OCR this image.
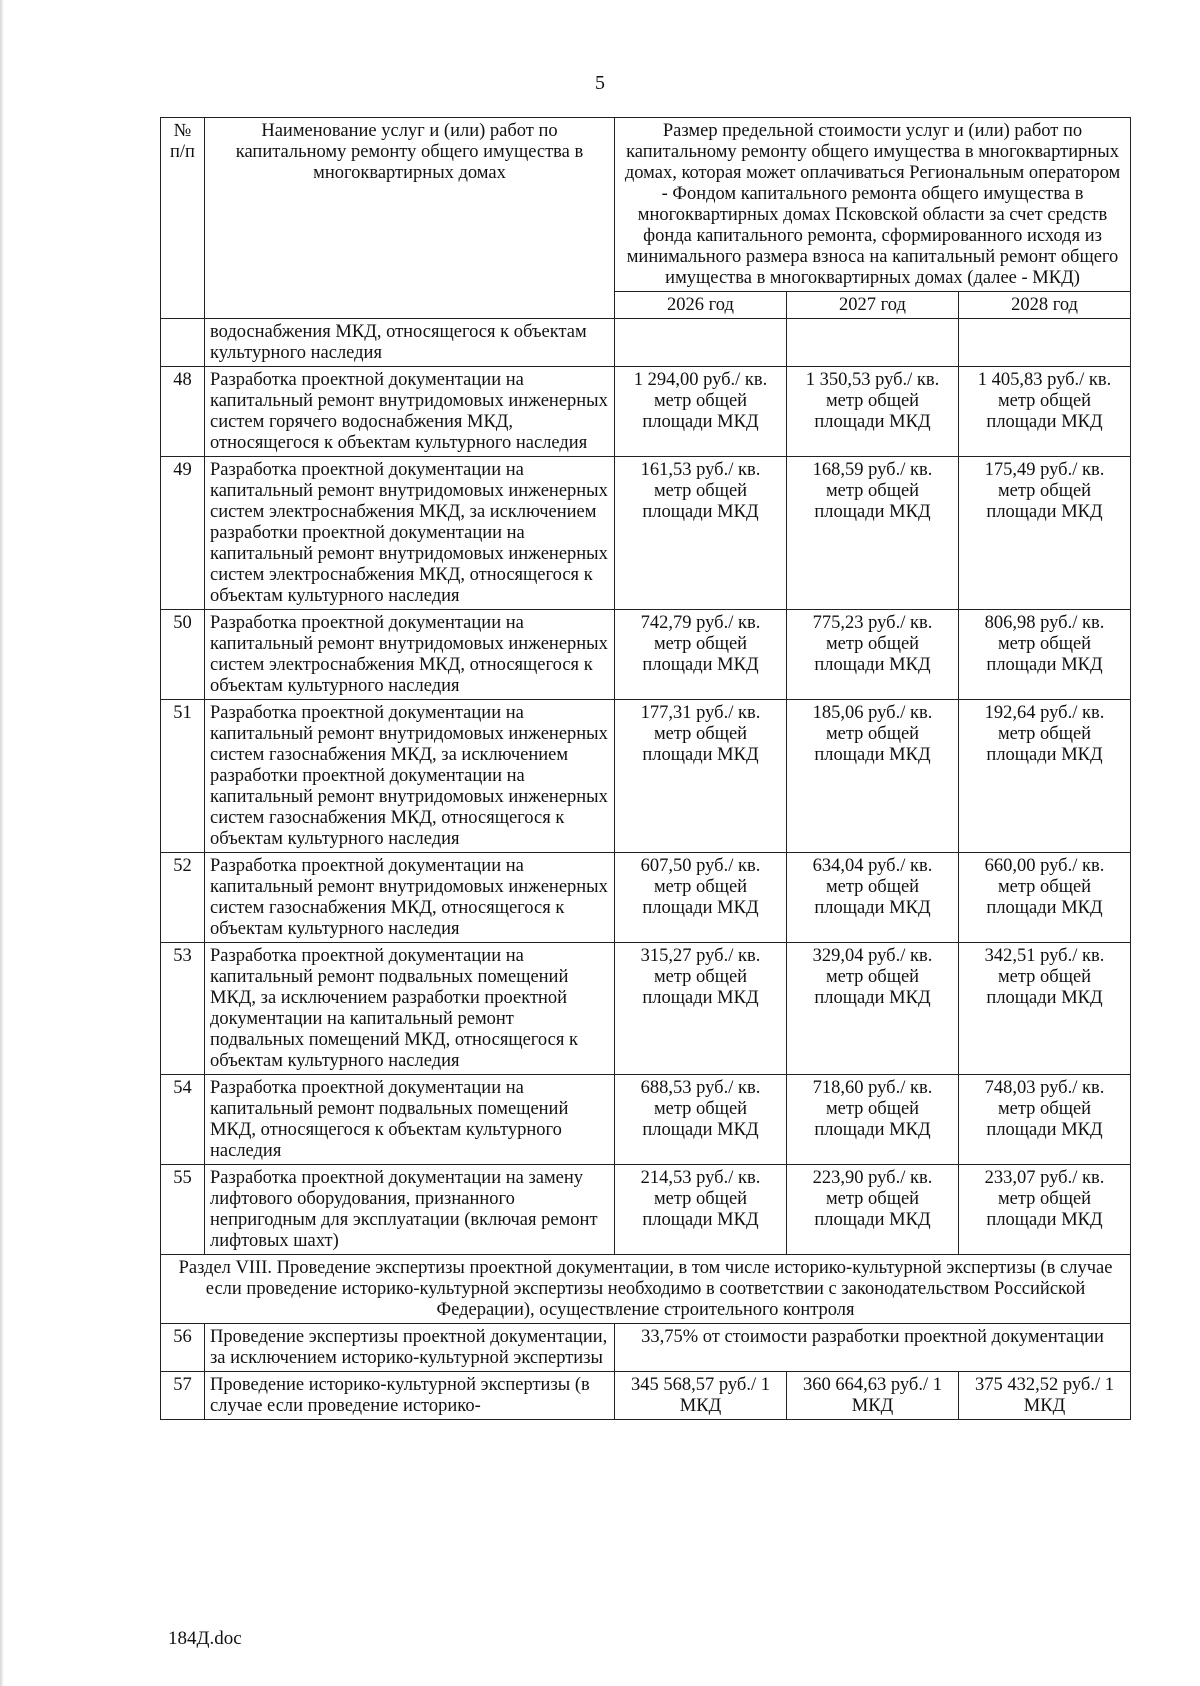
5
№ п/п	Наименование услуг и (или) работ по капитальному ремонту общего имущества в многоквартирных домах	Размер предельной стоимости услуг и (или) работ по капитальному ремонту общего имущества в многоквартирных домах, которая может оплачиваться Региональным оператором - Фондом капитального ремонта общего имущества в многоквартирных домах Псковской области за счет средств фонда капитального ремонта, сформированного исходя из минимального размера взноса на капитальный ремонт общего имущества в многоквартирных домах (далее - МКД)		
		2026 год	2027 год	2028 год
	водоснабжения МКД, относящегося к объектам культурного наследия			
48	Разработка проектной документации на капитальный ремонт внутридомовых инженерных систем горячего водоснабжения МКД, относящегося к объектам культурного наследия	1 294,00 руб./ кв. метр общей площади МКД	1 350,53 руб./ кв. метр общей площади МКД	1 405,83 руб./ кв. метр общей площади МКД
49	Разработка проектной документации на капитальный ремонт внутридомовых инженерных систем электроснабжения МКД, за исключением разработки проектной документации на капитальный ремонт внутридомовых инженерных систем электроснабжения МКД, относящегося к объектам культурного наследия	161,53 руб./ кв. метр общей площади МКД	168,59 руб./ кв. метр общей площади МКД	175,49 руб./ кв. метр общей площади МКД
50	Разработка проектной документации на капитальный ремонт внутридомовых инженерных систем электроснабжения МКД, относящегося к объектам культурного наследия	742,79 руб./ кв. метр общей площади МКД	775,23 руб./ кв. метр общей площади МКД	806,98 руб./ кв. метр общей площади МКД
51	Разработка проектной документации на капитальный ремонт внутридомовых инженерных систем газоснабжения МКД, за исключением разработки проектной документации на капитальный ремонт внутридомовых инженерных систем газоснабжения МКД, относящегося к объектам культурного наследия	177,31 руб./ кв. метр общей площади МКД	185,06 руб./ кв. метр общей площади МКД	192,64 руб./ кв. метр общей площади МКД
52	Разработка проектной документации на капитальный ремонт внутридомовых инженерных систем газоснабжения МКД, относящегося к объектам культурного наследия	607,50 руб./ кв. метр общей площади МКД	634,04 руб./ кв. метр общей площади МКД	660,00 руб./ кв. метр общей площади МКД
53	Разработка проектной документации на капитальный ремонт подвальных помещений МКД, за исключением разработки проектной документации на капитальный ремонт подвальных помещений МКД, относящегося к объектам культурного наследия	315,27 руб./ кв. метр общей площади МКД	329,04 руб./ кв. метр общей площади МКД	342,51 руб./ кв. метр общей площади МКД
54	Разработка проектной документации на капитальный ремонт подвальных помещений МКД, относящегося к объектам культурного наследия	688,53 руб./ кв. метр общей площади МКД	718,60 руб./ кв. метр общей площади МКД	748,03 руб./ кв. метр общей площади МКД
55	Разработка проектной документации на замену лифтового оборудования, признанного непригодным для эксплуатации (включая ремонт лифтовых шахт)	214,53 руб./ кв. метр общей площади МКД	223,90 руб./ кв. метр общей площади МКД	233,07 руб./ кв. метр общей площади МКД
Раздел VIII. Проведение экспертизы проектной документации, в том числе историко-культурной экспертизы (в случае если проведение историко-культурной экспертизы необходимо в соответствии с законодательством Российской Федерации), осуществление строительного контроля				
56	Проведение экспертизы проектной документации, за исключением историко-культурной экспертизы	33,75% от стоимости разработки проектной документации		
57	Проведение историко-культурной экспертизы (в случае если проведение историко-	345 568,57 руб./ 1 МКД	360 664,63 руб./ 1 МКД	375 432,52 руб./ 1 МКД
184Д.doc
